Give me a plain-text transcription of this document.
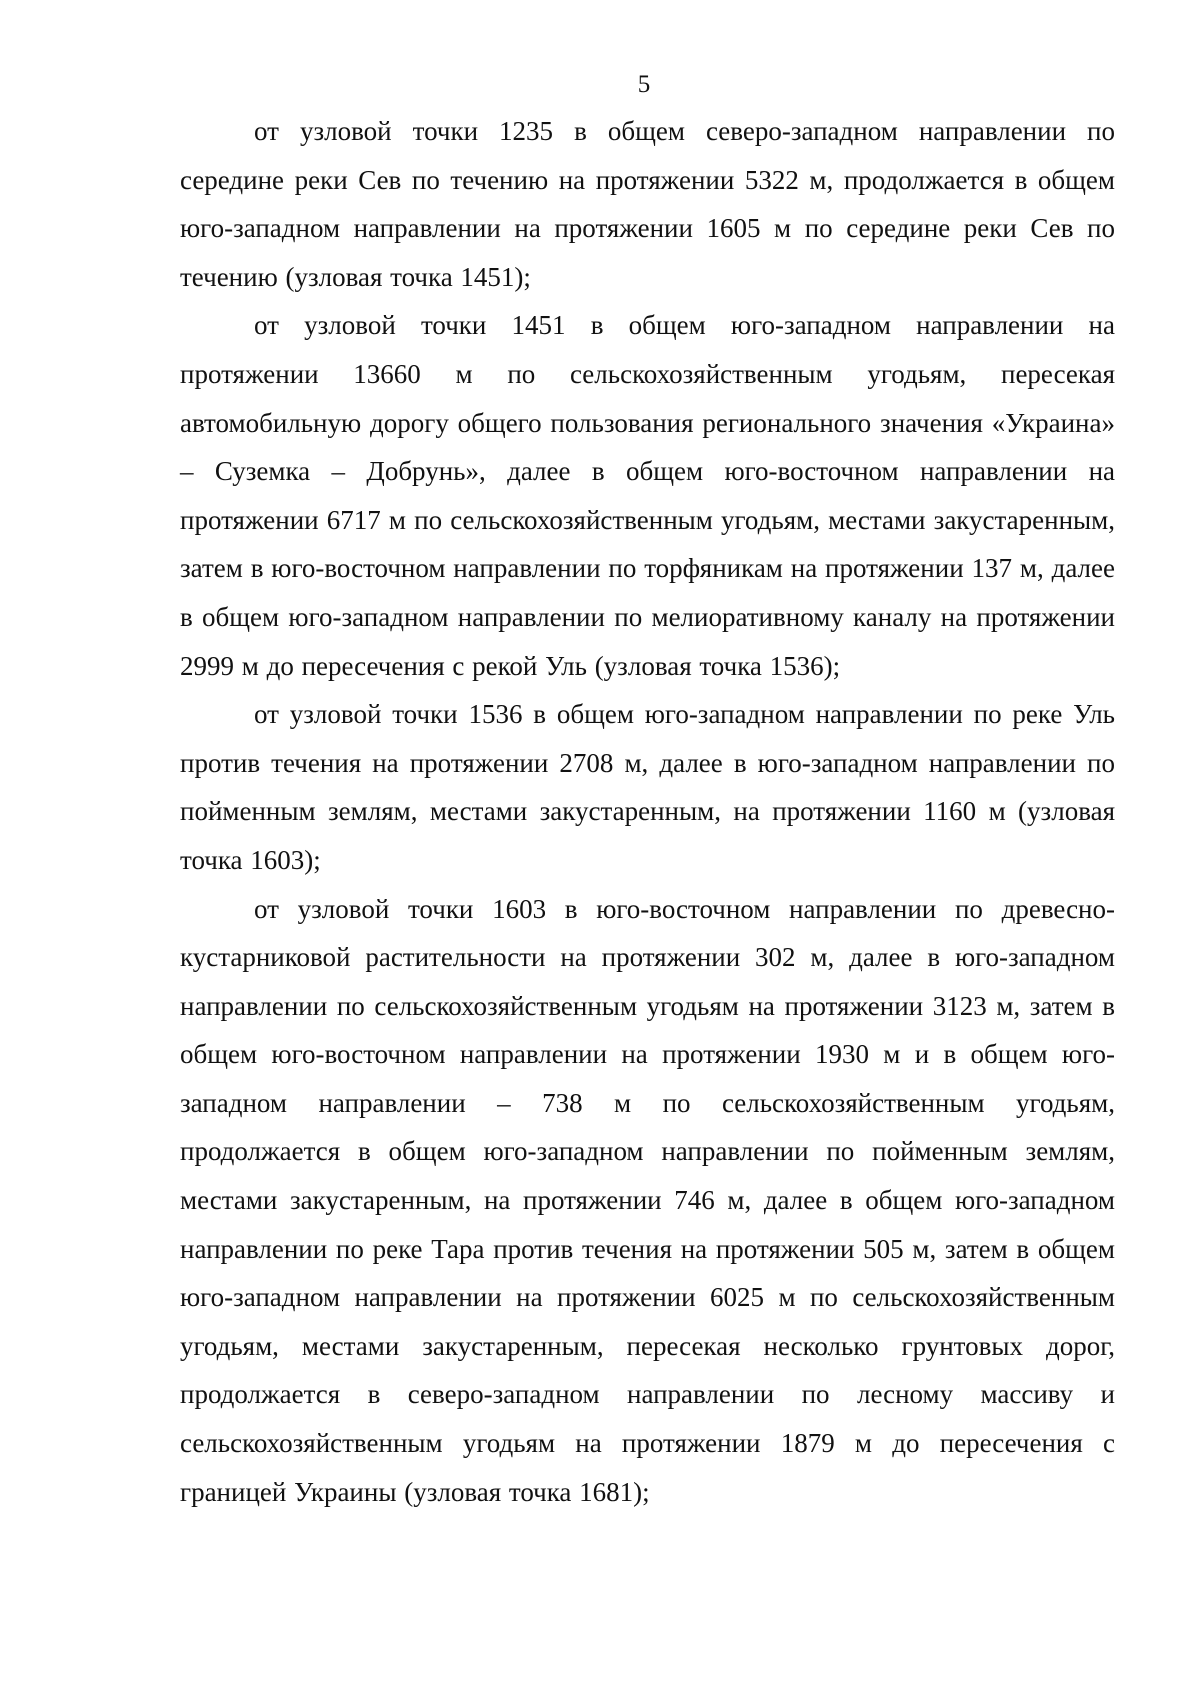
5

от узловой точки 1235 в общем северо-западном направлении по середине реки Сев по течению на протяжении 5322 м, продолжается в общем юго-западном направлении на протяжении 1605 м по середине реки Сев по течению (узловая точка 1451);

от узловой точки 1451 в общем юго-западном направлении на протяжении 13660 м по сельскохозяйственным угодьям, пересекая автомобильную дорогу общего пользования регионального значения «Украина» – Суземка – Добрунь», далее в общем юго-восточном направлении на протяжении 6717 м по сельскохозяйственным угодьям, местами закустаренным, затем в юго-восточном направлении по торфяникам на протяжении 137 м, далее в общем юго-западном направлении по мелиоративному каналу на протяжении 2999 м до пересечения с рекой Уль (узловая точка 1536);

от узловой точки 1536 в общем юго-западном направлении по реке Уль против течения на протяжении 2708 м, далее в юго-западном направлении по пойменным землям, местами закустаренным, на протяжении 1160 м (узловая точка 1603);

от узловой точки 1603 в юго-восточном направлении по древесно-кустарниковой растительности на протяжении 302 м, далее в юго-западном направлении по сельскохозяйственным угодьям на протяжении 3123 м, затем в общем юго-восточном направлении на протяжении 1930 м и в общем юго-западном направлении – 738 м по сельскохозяйственным угодьям, продолжается в общем юго-западном направлении по пойменным землям, местами закустаренным, на протяжении 746 м, далее в общем юго-западном направлении по реке Тара против течения на протяжении 505 м, затем в общем юго-западном направлении на протяжении 6025 м по сельскохозяйственным угодьям, местами закустаренным, пересекая несколько грунтовых дорог, продолжается в северо-западном направлении по лесному массиву и сельскохозяйственным угодьям на протяжении 1879 м до пересечения с границей Украины (узловая точка 1681);
